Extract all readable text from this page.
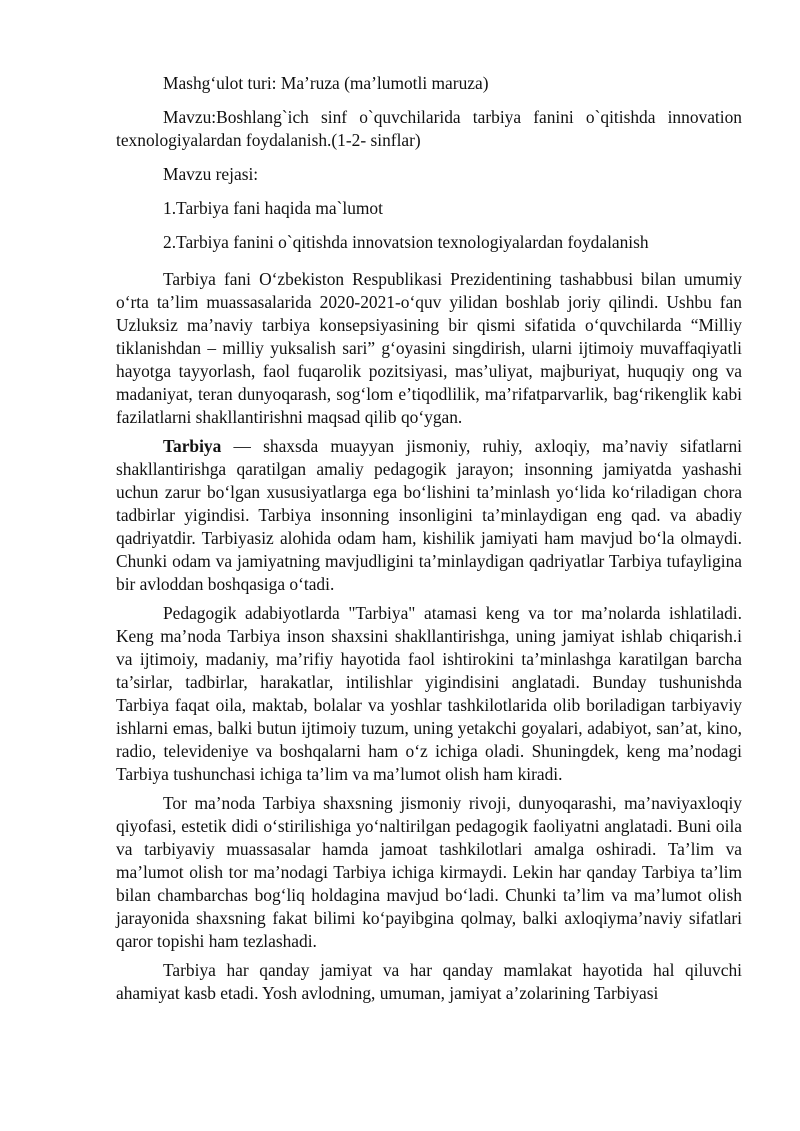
Mashg‘ulot turi: Ma’ruza (ma’lumotli maruza)

Mavzu:Boshlang`ich sinf o`quvchilarida tarbiya fanini o`qitishda innovation texnologiyalardan foydalanish.(1-2- sinflar)

Mavzu rejasi:

1.Tarbiya fani haqida ma`lumot

2.Tarbiya fanini o`qitishda innovatsion texnologiyalardan foydalanish

Tarbiya fani O‘zbekiston Respublikasi Prezidentining tashabbusi bilan umumiy o‘rta ta’lim muassasalarida 2020-2021-o‘quv yilidan boshlab joriy qilindi. Ushbu fan Uzluksiz ma’naviy tarbiya konsepsiyasining bir qismi sifatida o‘quvchilarda “Milliy tiklanishdan – milliy yuksalish sari” g‘oyasini singdirish, ularni ijtimoiy muvaffaqiyatli hayotga tayyorlash, faol fuqarolik pozitsiyasi, mas’uliyat, majburiyat, huquqiy ong va madaniyat, teran dunyoqarash, sog‘lom e’tiqodlilik, ma’rifatparvarlik, bag‘rikenglik kabi fazilatlarni shakllantirishni maqsad qilib qo‘ygan.

Tarbiya — shaxsda muayyan jismoniy, ruhiy, axloqiy, ma’naviy sifatlarni shakllantirishga qaratilgan amaliy pedagogik jarayon; insonning jamiyatda yashashi uchun zarur bo‘lgan xususiyatlarga ega bo‘lishini ta’minlash yo‘lida ko‘riladigan chora tadbirlar yigindisi. Tarbiya insonning insonligini ta’minlaydigan eng qad. va abadiy qadriyatdir. Tarbiyasiz alohida odam ham, kishilik jamiyati ham mavjud bo‘la olmaydi. Chunki odam va jamiyatning mavjudligini ta’minlaydigan qadriyatlar Tarbiya tufayligina bir avloddan boshqasiga o‘tadi.

Pedagogik adabiyotlarda "Tarbiya" atamasi keng va tor ma’nolarda ishlatiladi. Keng ma’noda Tarbiya inson shaxsini shakllantirishga, uning jamiyat ishlab chiqarish.i va ijtimoiy, madaniy, ma’rifiy hayotida faol ishtirokini ta’minlashga karatilgan barcha ta’sirlar, tadbirlar, harakatlar, intilishlar yigindisini anglatadi. Bunday tushunishda Tarbiya faqat oila, maktab, bolalar va yoshlar tashkilotlarida olib boriladigan tarbiyaviy ishlarni emas, balki butun ijtimoiy tuzum, uning yetakchi goyalari, adabiyot, san’at, kino, radio, televideniye va boshqalarni ham o‘z ichiga oladi. Shuningdek, keng ma’nodagi Tarbiya tushunchasi ichiga ta’lim va ma’lumot olish ham kiradi.

Tor ma’noda Tarbiya shaxsning jismoniy rivoji, dunyoqarashi, ma’naviyaxloqiy qiyofasi, estetik didi o‘stirilishiga yo‘naltirilgan pedagogik faoliyatni anglatadi. Buni oila va tarbiyaviy muassasalar hamda jamoat tashkilotlari amalga oshiradi. Ta’lim va ma’lumot olish tor ma’nodagi Tarbiya ichiga kirmaydi. Lekin har qanday Tarbiya ta’lim bilan chambarchas bog‘liq holdagina mavjud bo‘ladi. Chunki ta’lim va ma’lumot olish jarayonida shaxsning fakat bilimi ko‘payibgina qolmay, balki axloqiyma’naviy sifatlari qaror topishi ham tezlashadi.

Tarbiya har qanday jamiyat va har qanday mamlakat hayotida hal qiluvchi ahamiyat kasb etadi. Yosh avlodning, umuman, jamiyat a’zolarining Tarbiyasi
